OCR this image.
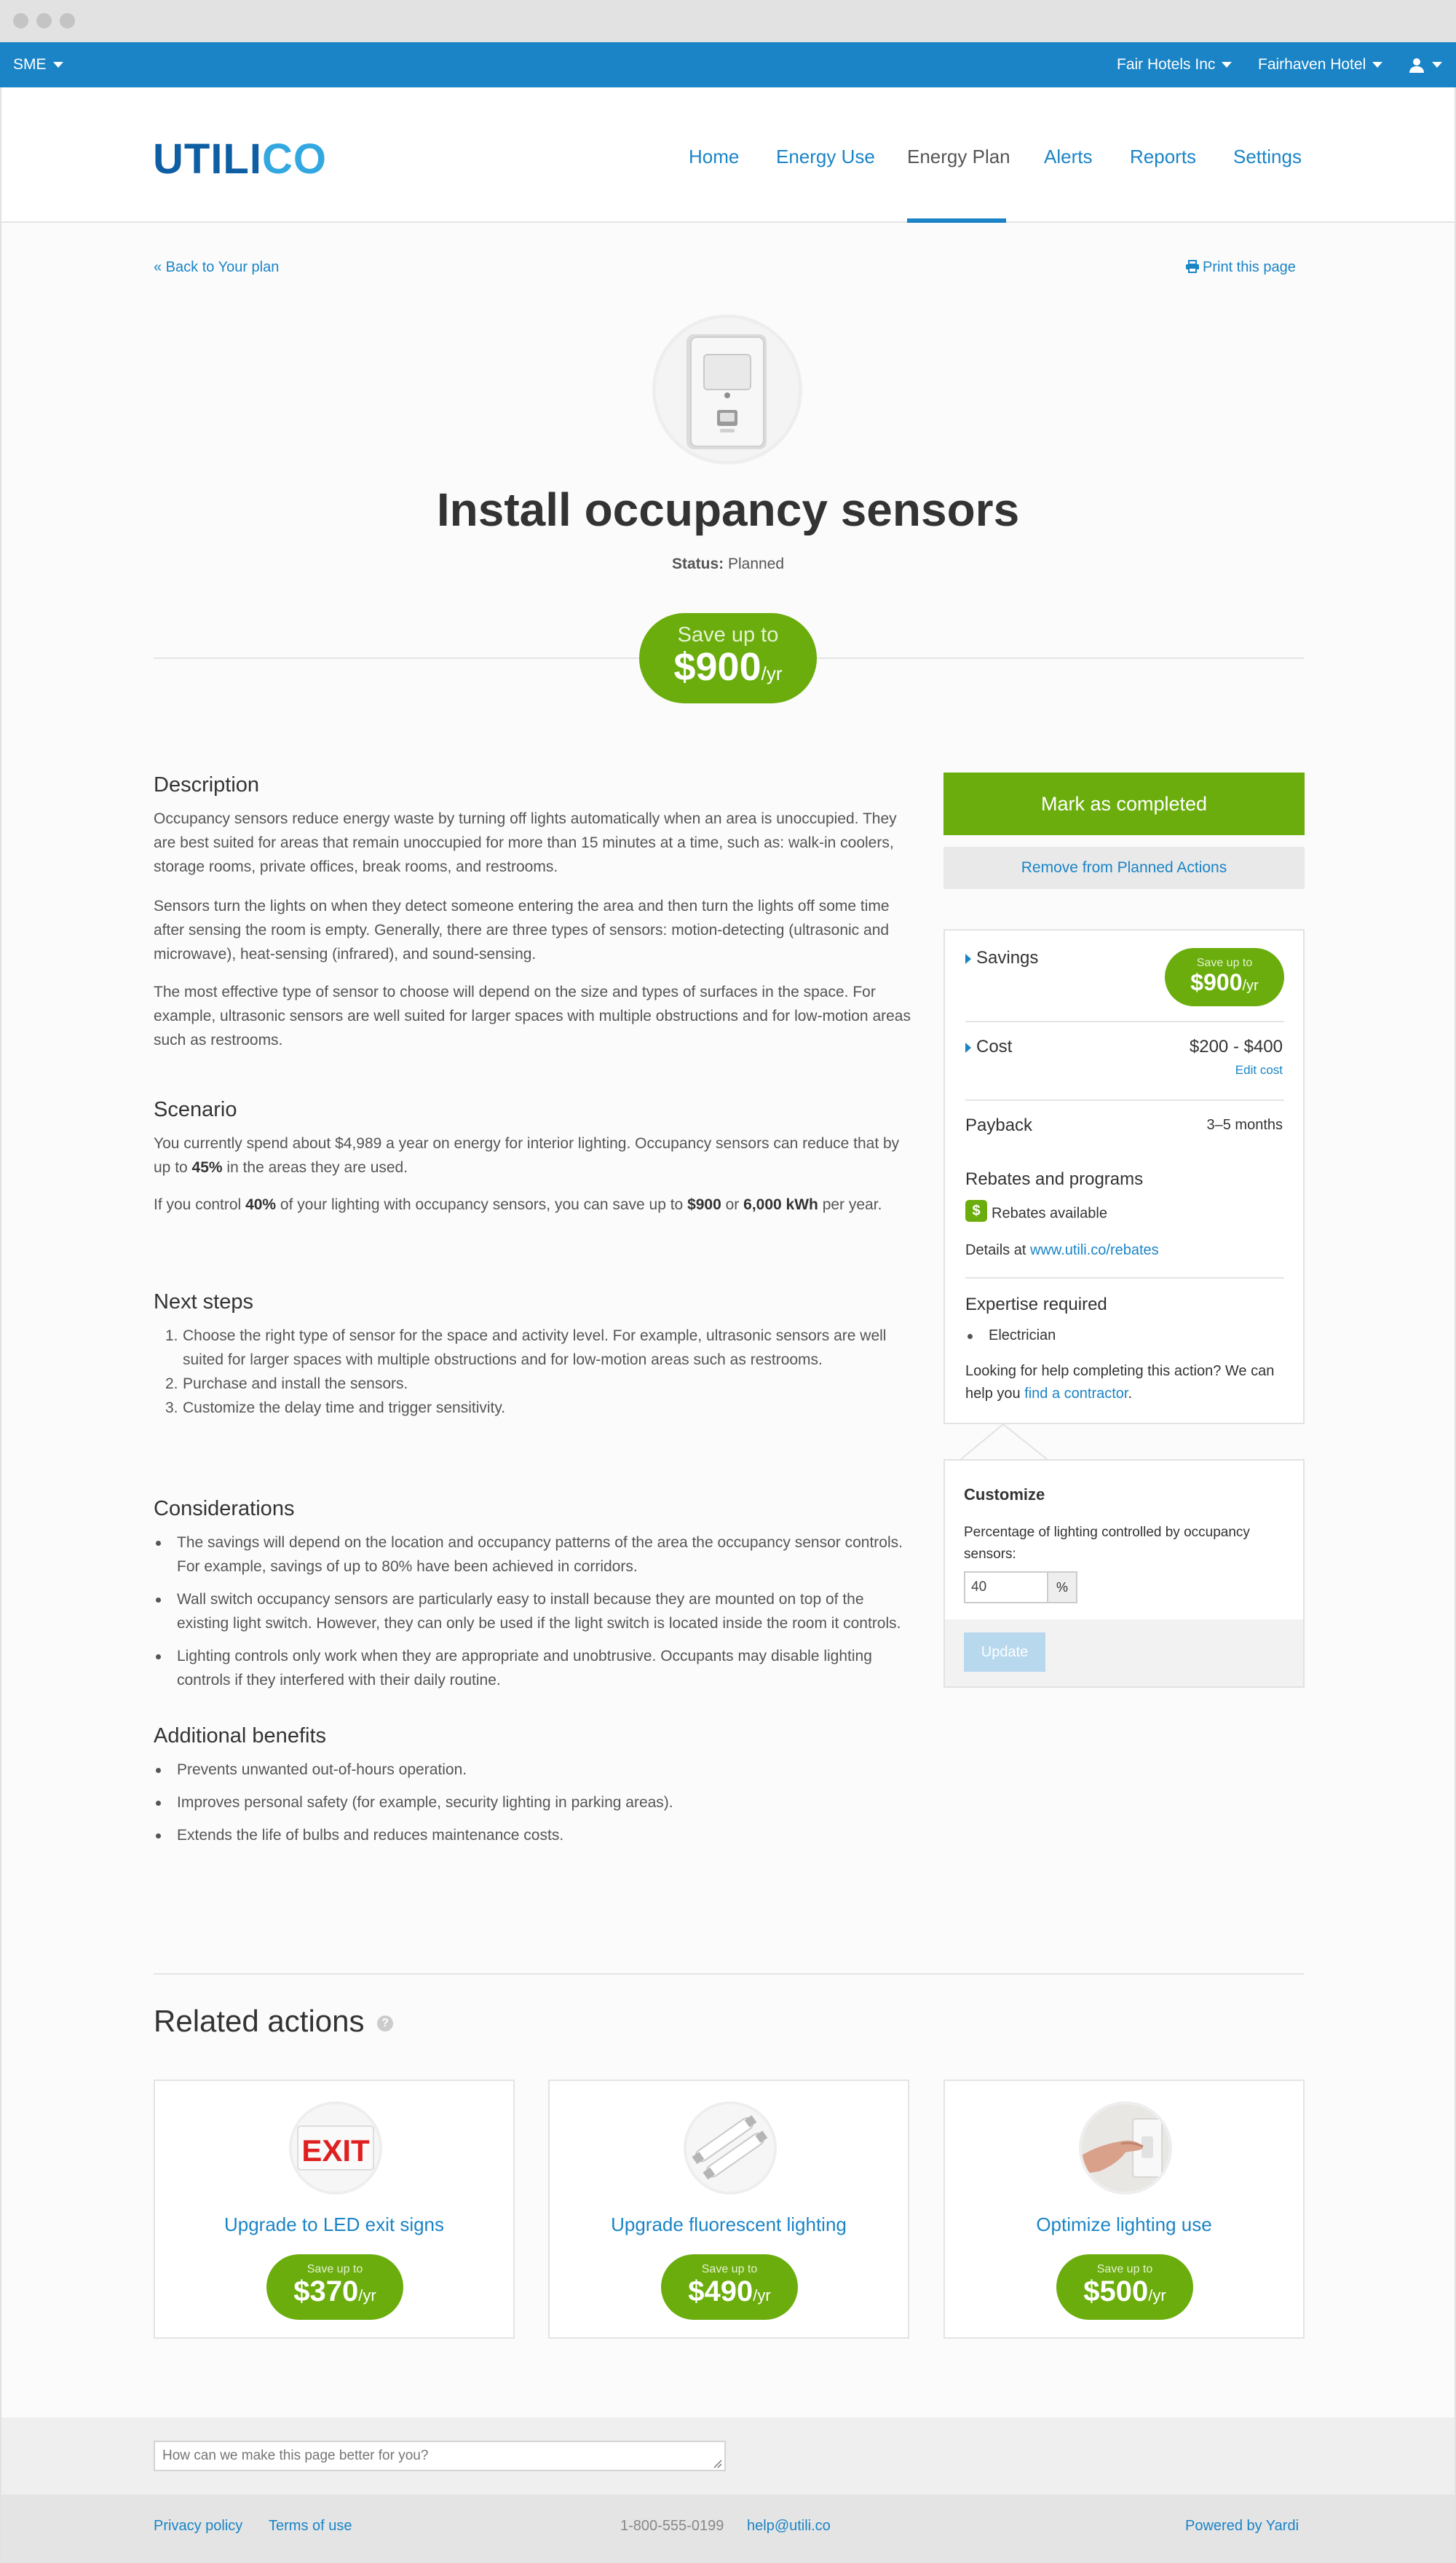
SME	Fair Hotels Inc	Fairhaven Hotel
UTILICO	Home Energy Use Energy Plan Alerts Reports Settings
« Back to Your plan	Print this page
Install occupancy sensors
Status: Planned
Save up to
$900/yr
Description
Occupancy sensors reduce energy waste by turning off lights automatically when an area is unoccupied. They are best suited for areas that remain unoccupied for more than 15 minutes at a time, such as: walk-in coolers, storage rooms, private offices, break rooms, and restrooms.
Sensors turn the lights on when they detect someone entering the area and then turn the lights off some time after sensing the room is empty. Generally, there are three types of sensors: motion-detecting (ultrasonic and microwave), heat-sensing (infrared), and sound-sensing.
The most effective type of sensor to choose will depend on the size and types of surfaces in the space. For example, ultrasonic sensors are well suited for larger spaces with multiple obstructions and for low-motion areas such as restrooms.
Scenario
You currently spend about $4,989 a year on energy for interior lighting. Occupancy sensors can reduce that by up to 45% in the areas they are used.
If you control 40% of your lighting with occupancy sensors, you can save up to $900 or 6,000 kWh per year.
Next steps
1. Choose the right type of sensor for the space and activity level. For example, ultrasonic sensors are well suited for larger spaces with multiple obstructions and for low-motion areas such as restrooms.
2. Purchase and install the sensors.
3. Customize the delay time and trigger sensitivity.
Considerations
The savings will depend on the location and occupancy patterns of the area the occupancy sensor controls. For example, savings of up to 80% have been achieved in corridors.
Wall switch occupancy sensors are particularly easy to install because they are mounted on top of the existing light switch. However, they can only be used if the light switch is located inside the room it controls.
Lighting controls only work when they are appropriate and unobtrusive. Occupants may disable lighting controls if they interfered with their daily routine.
Additional benefits
Prevents unwanted out-of-hours operation.
Improves personal safety (for example, security lighting in parking areas).
Extends the life of bulbs and reduces maintenance costs.
Mark as completed
Remove from Planned Actions
Savings	Save up to
$900/yr
Cost	$200 - $400
Edit cost
Payback	3–5 months
Rebates and programs
$ Rebates available
Details at www.utili.co/rebates
Expertise required
Electrician
Looking for help completing this action? We can help you find a contractor.
Customize
Percentage of lighting controlled by occupancy sensors:
40
%
Update
Related actions ?
EXIT
Upgrade to LED exit signs
Save up to
$370/yr
Upgrade fluorescent lighting
Save up to
$490/yr
Optimize lighting use
Save up to
$500/yr
How can we make this page better for you?
Privacy policy Terms of use	1-800-555-0199 help@utili.co	Powered by Yardi
